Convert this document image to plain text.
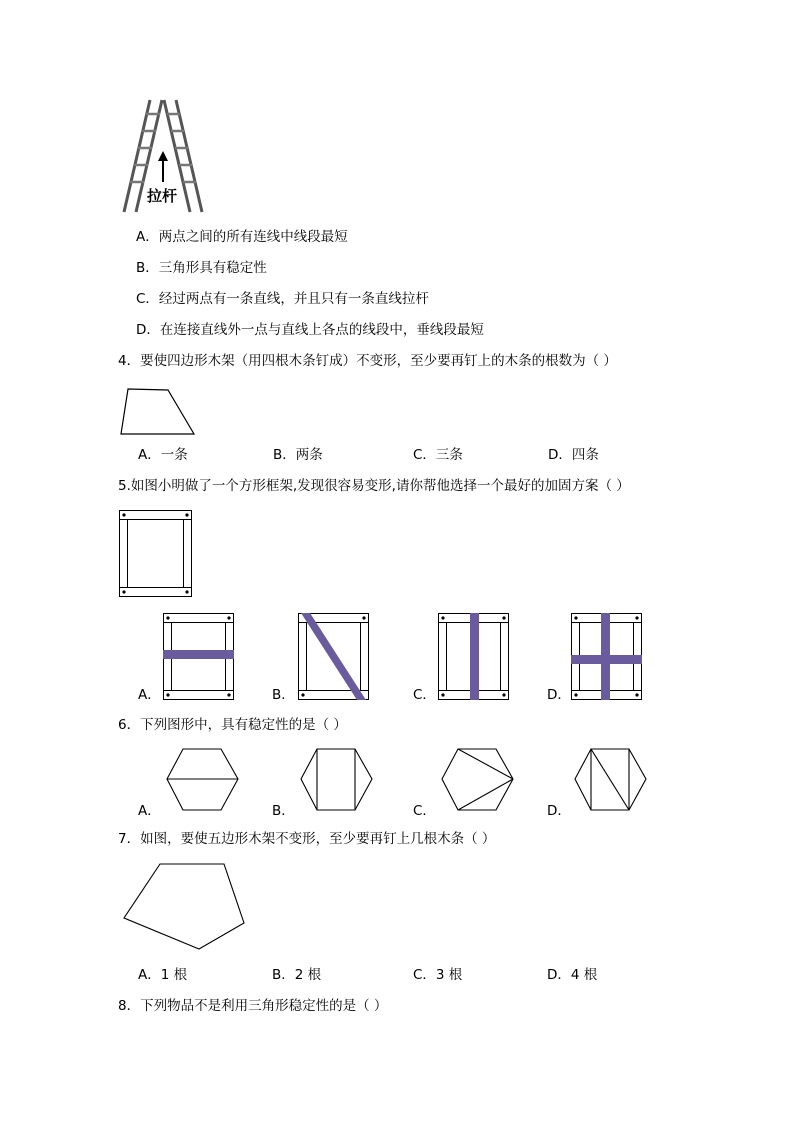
拉杆
A．两点之间的所有连线中线段最短
B．三角形具有稳定性
C．经过两点有一条直线，并且只有一条直线拉杆
D．在连接直线外一点与直线上各点的线段中，垂线段最短
4．要使四边形木架（用四根木条钉成）不变形，至少要再钉上的木条的根数为（ ）
A．一条	B．两条	C．三条	D．四条
5.如图小明做了一个方形框架,发现很容易变形,请你帮他选择一个最好的加固方案（ ）
A．	B．	C．	D．
6．下列图形中，具有稳定性的是（ ）
A．	B．	C．	D．
7．如图，要使五边形木架不变形，至少要再钉上几根木条（ ）
A．1 根	B．2 根	C．3 根	D．4 根
8．下列物品不是利用三角形稳定性的是（ ）
